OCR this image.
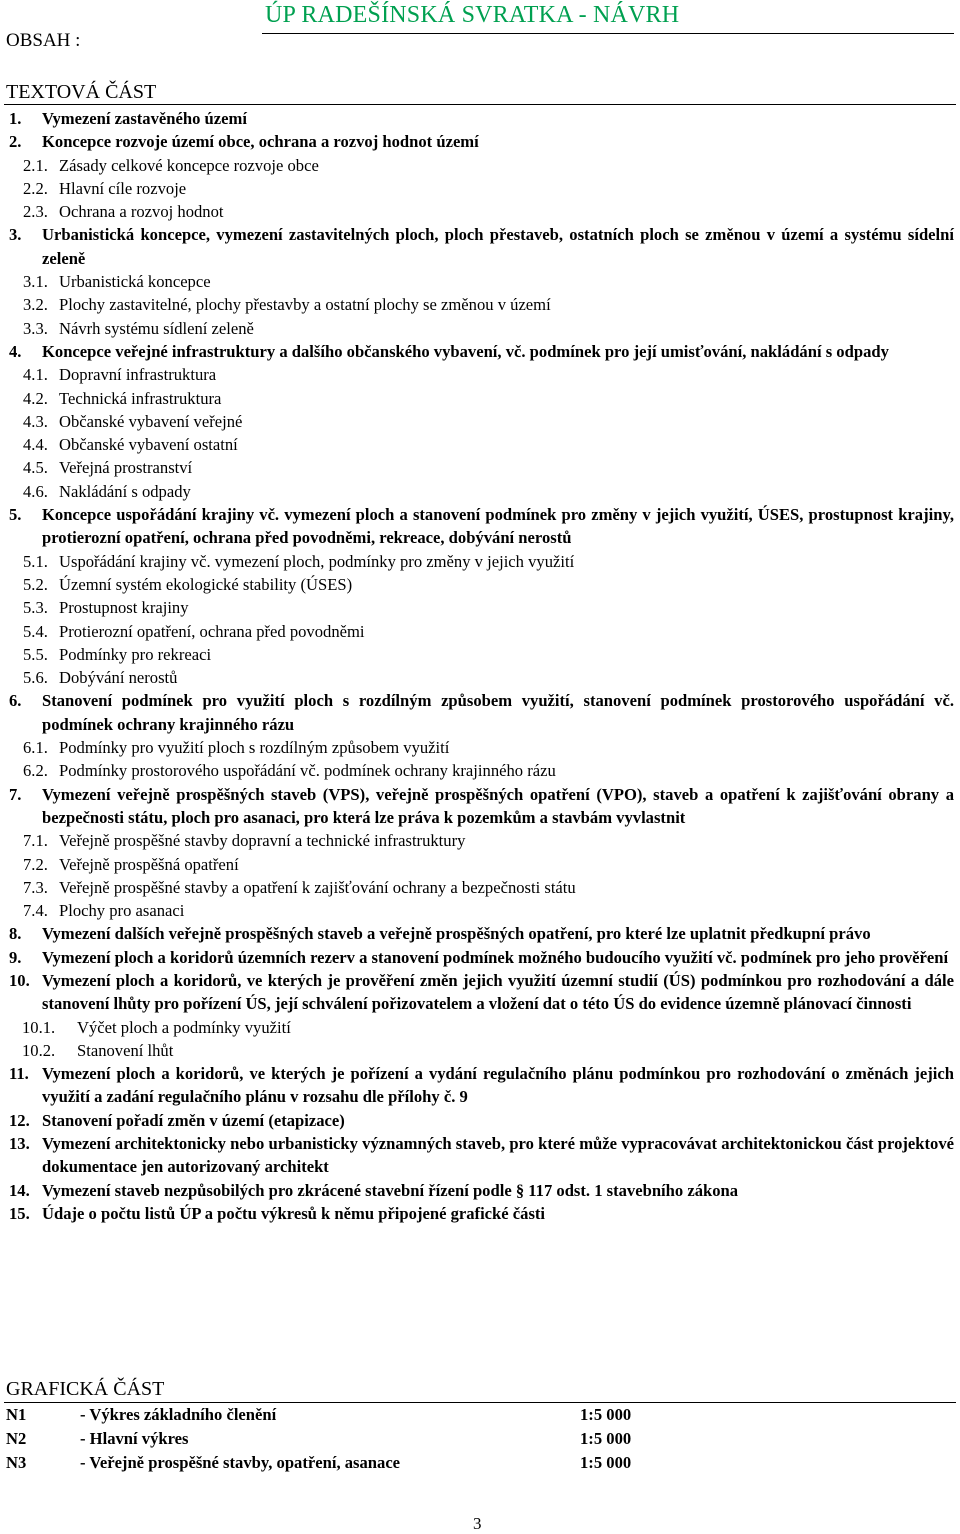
OBSAH :
ÚP RADEŠÍNSKÁ SVRATKA - NÁVRH
TEXTOVÁ ČÁST
1. Vymezení zastavěného území
2. Koncepce rozvoje území obce, ochrana a rozvoj hodnot území
2.1. Zásady celkové koncepce rozvoje obce
2.2. Hlavní cíle rozvoje
2.3. Ochrana a rozvoj hodnot
3. Urbanistická koncepce, vymezení zastavitelných ploch, ploch přestaveb, ostatních ploch se změnou v území a systému sídelní zeleně
3.1. Urbanistická koncepce
3.2. Plochy zastavitelné, plochy přestavby a ostatní plochy se změnou v území
3.3. Návrh systému sídlení zeleně
4. Koncepce veřejné infrastruktury a dalšího občanského vybavení, vč. podmínek pro její umisťování, nakládání s odpady
4.1. Dopravní infrastruktura
4.2. Technická infrastruktura
4.3. Občanské vybavení veřejné
4.4. Občanské vybavení ostatní
4.5. Veřejná prostranství
4.6. Nakládání s odpady
5. Koncepce uspořádání krajiny vč. vymezení ploch a stanovení podmínek pro změny v jejich využití, ÚSES, prostupnost krajiny, protierozní opatření, ochrana před povodněmi, rekreace, dobývání nerostů
5.1. Uspořádání krajiny vč. vymezení ploch, podmínky pro změny v jejich využití
5.2. Územní systém ekologické stability (ÚSES)
5.3. Prostupnost krajiny
5.4. Protierozní opatření, ochrana před povodněmi
5.5. Podmínky pro rekreaci
5.6. Dobývání nerostů
6. Stanovení podmínek pro využití ploch s rozdílným způsobem využití, stanovení podmínek prostorového uspořádání vč. podmínek ochrany krajinného rázu
6.1. Podmínky pro využití ploch s rozdílným způsobem využití
6.2. Podmínky prostorového uspořádání vč. podmínek ochrany krajinného rázu
7. Vymezení veřejně prospěšných staveb (VPS), veřejně prospěšných opatření (VPO), staveb a opatření k zajišťování obrany a bezpečnosti státu, ploch pro asanaci, pro která lze práva k pozemkům a stavbám vyvlastnit
7.1. Veřejně prospěšné stavby dopravní a technické infrastruktury
7.2. Veřejně prospěšná opatření
7.3. Veřejně prospěšné stavby a opatření k zajišťování ochrany a bezpečnosti státu
7.4. Plochy pro asanaci
8. Vymezení dalších veřejně prospěšných staveb a veřejně prospěšných opatření, pro které lze uplatnit předkupní právo
9. Vymezení ploch a koridorů územních rezerv a stanovení podmínek možného budoucího využití vč. podmínek pro jeho prověření
10. Vymezení ploch a koridorů, ve kterých je prověření změn jejich využití územní studií (ÚS) podmínkou pro rozhodování a dále stanovení lhůty pro pořízení ÚS, její schválení pořizovatelem a vložení dat o této ÚS do evidence územně plánovací činnosti
10.1. Výčet ploch a podmínky využití
10.2. Stanovení lhůt
11. Vymezení ploch a koridorů, ve kterých je pořízení a vydání regulačního plánu podmínkou pro rozhodování o změnách jejich využití a zadání regulačního plánu v rozsahu dle přílohy č. 9
12. Stanovení pořadí změn v území (etapizace)
13. Vymezení architektonicky nebo urbanisticky významných staveb, pro které může vypracovávat architektonickou část projektové dokumentace jen autorizovaný architekt
14. Vymezení staveb nezpůsobilých pro zkrácené stavební řízení podle § 117 odst. 1 stavebního zákona
15. Údaje o počtu listů ÚP a počtu výkresů k němu připojené grafické části
GRAFICKÁ ČÁST
N1	- Výkres základního členění	1:5 000
N2	- Hlavní výkres	1:5 000
N3	- Veřejně prospěšné stavby, opatření, asanace	1:5 000
3
